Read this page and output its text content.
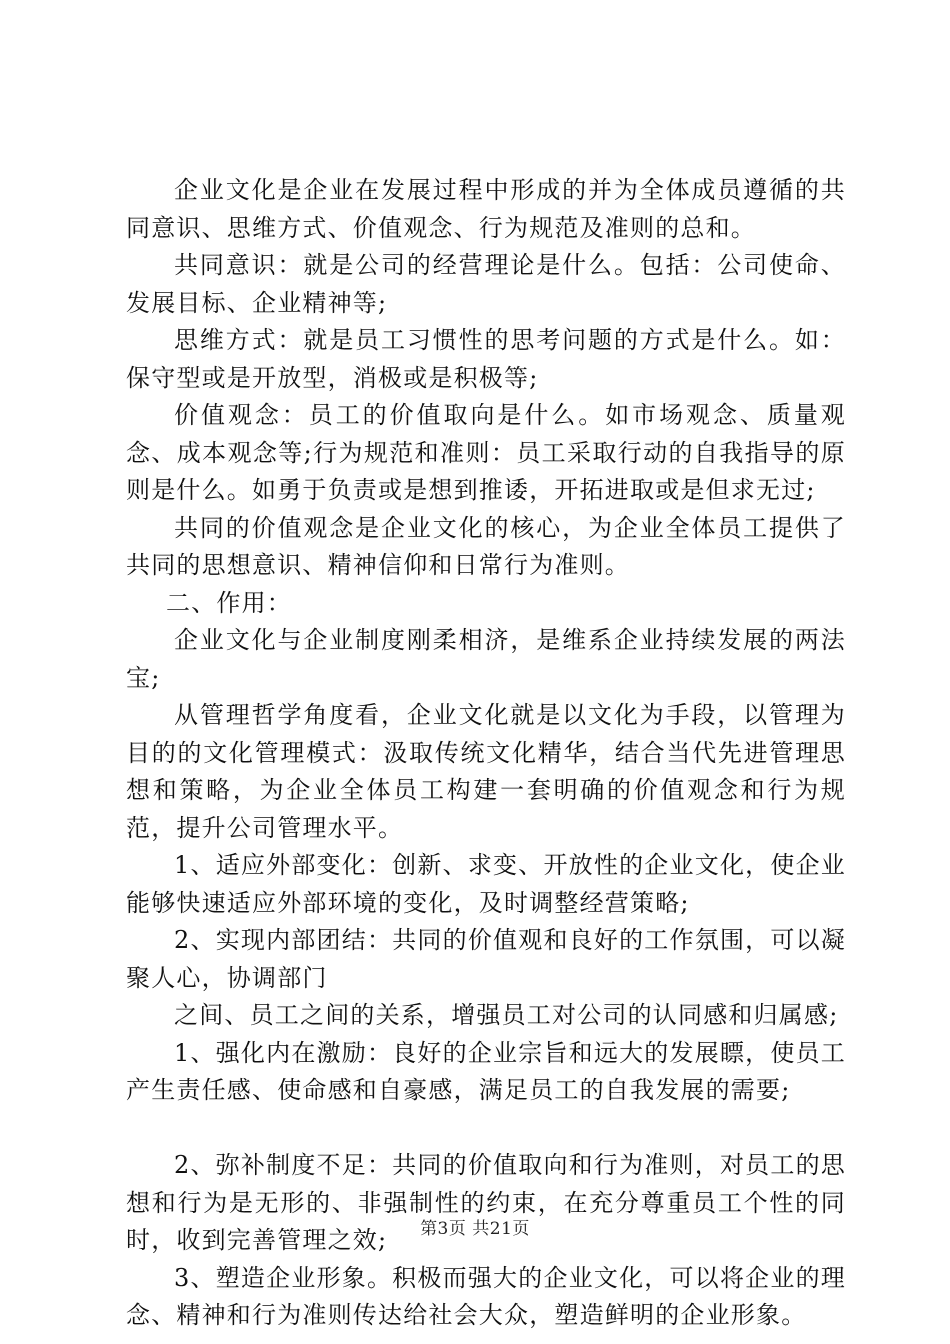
企业文化是企业在发展过程中形成的并为全体成员遵循的共同意识、思维方式、价值观念、行为规范及准则的总和。

共同意识：就是公司的经营理论是什么。包括：公司使命、发展目标、企业精神等;

思维方式：就是员工习惯性的思考问题的方式是什么。如：保守型或是开放型，消极或是积极等;

价值观念：员工的价值取向是什么。如市场观念、质量观念、成本观念等;行为规范和准则：员工采取行动的自我指导的原则是什么。如勇于负责或是想到推诿，开拓进取或是但求无过;

共同的价值观念是企业文化的核心，为企业全体员工提供了共同的思想意识、精神信仰和日常行为准则。

二、作用：

企业文化与企业制度刚柔相济，是维系企业持续发展的两法宝;

从管理哲学角度看，企业文化就是以文化为手段，以管理为目的的文化管理模式：汲取传统文化精华，结合当代先进管理思想和策略，为企业全体员工构建一套明确的价值观念和行为规范，提升公司管理水平。

1、适应外部变化：创新、求变、开放性的企业文化，使企业能够快速适应外部环境的变化，及时调整经营策略;

2、实现内部团结：共同的价值观和良好的工作氛围，可以凝聚人心，协调部门

之间、员工之间的关系，增强员工对公司的认同感和归属感;

1、强化内在激励：良好的企业宗旨和远大的发展瞟，使员工产生责任感、使命感和自豪感，满足员工的自我发展的需要;

2、弥补制度不足：共同的价值取向和行为准则，对员工的思想和行为是无形的、非强制性的约束，在充分尊重员工个性的同时，收到完善管理之效;

3、塑造企业形象。积极而强大的企业文化，可以将企业的理念、精神和行为准则传达给社会大众，塑造鲜明的企业形象。

第3页 共21页
